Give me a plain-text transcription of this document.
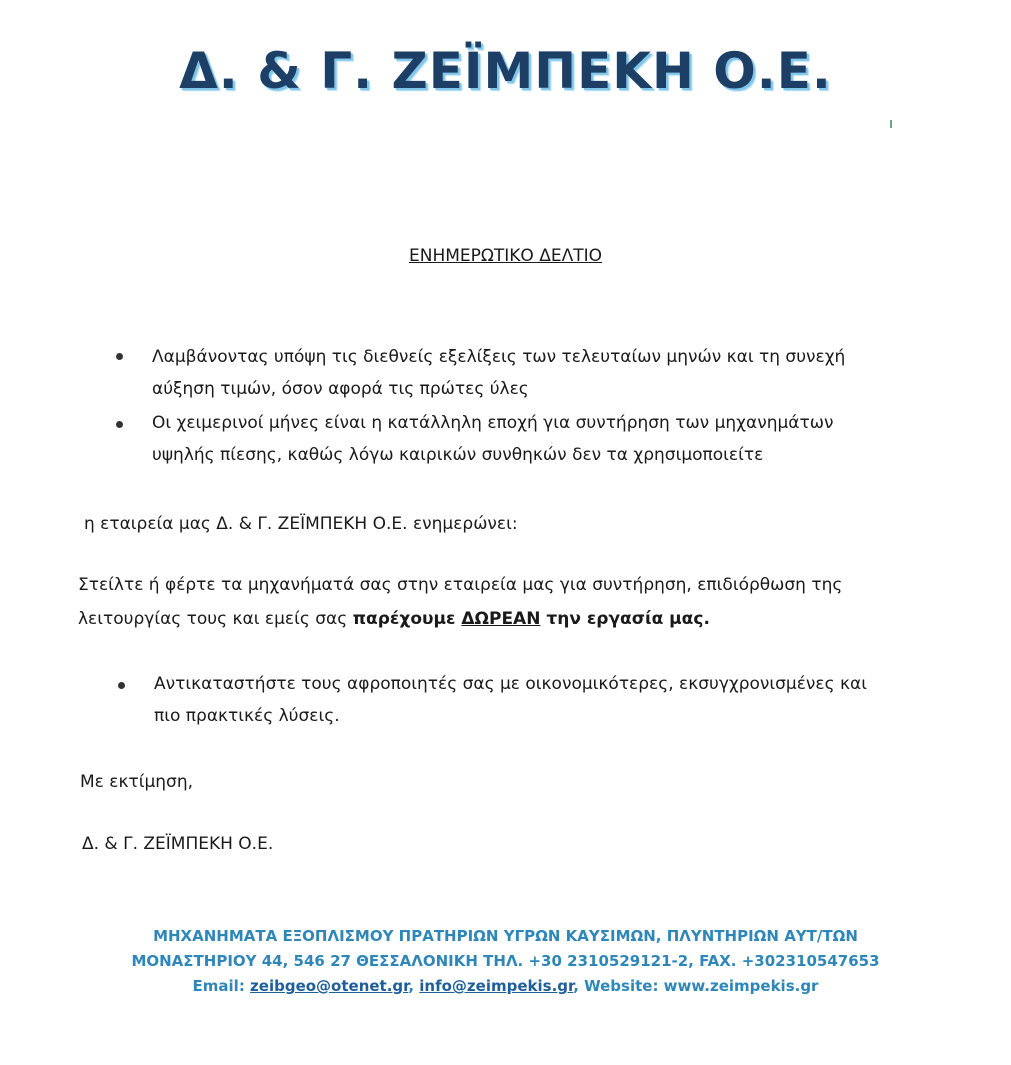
Δ. & Γ. ΖΕΪΜΠΕΚΗ Ο.Ε.
ΕΝΗΜΕΡΩΤΙΚΟ ΔΕΛΤΙΟ
Λαμβάνοντας υπόψη τις διεθνείς εξελίξεις των τελευταίων μηνών και τη συνεχή
αύξηση τιμών, όσον αφορά τις πρώτες ύλες
Οι χειμερινοί μήνες είναι η κατάλληλη εποχή για συντήρηση των μηχανημάτων
υψηλής πίεσης, καθώς λόγω καιρικών συνθηκών δεν τα χρησιμοποιείτε
η εταιρεία μας Δ. & Γ. ΖΕΪΜΠΕΚΗ Ο.Ε. ενημερώνει:
Στείλτε ή φέρτε τα μηχανήματά σας στην εταιρεία μας για συντήρηση, επιδιόρθωση της
λειτουργίας τους και εμείς σας παρέχουμε ΔΩΡΕΑΝ την εργασία μας.
Αντικαταστήστε τους αφροποιητές σας με οικονομικότερες, εκσυγχρονισμένες και
πιο πρακτικές λύσεις.
Με εκτίμηση,
Δ. & Γ. ΖΕΪΜΠΕΚΗ Ο.Ε.
ΜΗΧΑΝΗΜΑΤΑ ΕΞΟΠΛΙΣΜΟΥ ΠΡΑΤΗΡΙΩΝ ΥΓΡΩΝ ΚΑΥΣΙΜΩΝ, ΠΛΥΝΤΗΡΙΩΝ ΑΥΤ/ΤΩΝ
ΜΟΝΑΣΤΗΡΙΟΥ 44, 546 27 ΘΕΣΣΑΛΟΝΙΚΗ ΤΗΛ. +30 2310529121-2, FAX. +302310547653
Email: zeibgeo@otenet.gr, info@zeimpekis.gr, Website: www.zeimpekis.gr
